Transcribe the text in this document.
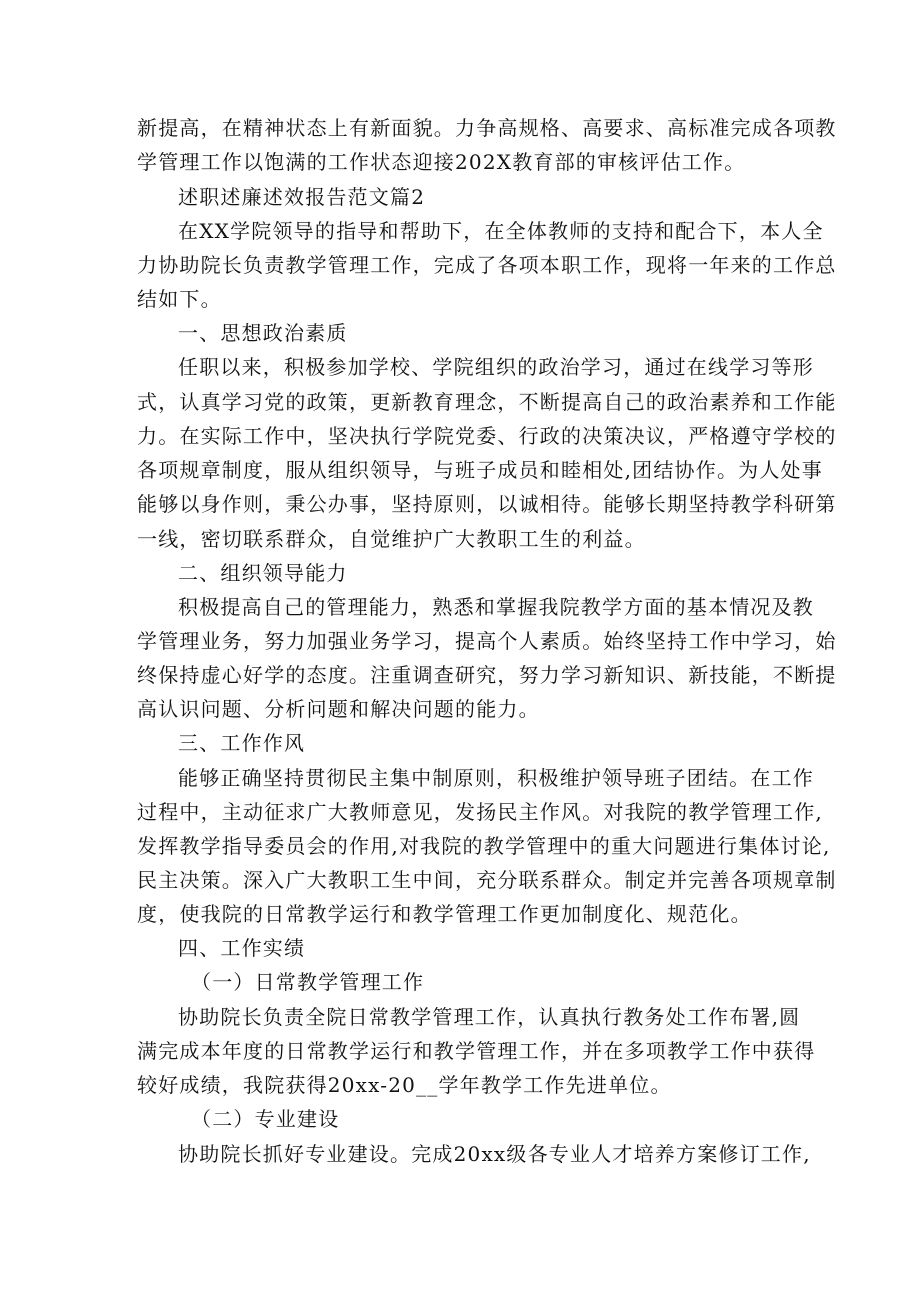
新提高，在精神状态上有新面貌。力争高规格、高要求、高标准完成各项教
学管理工作以饱满的工作状态迎接202X教育部的审核评估工作。
述职述廉述效报告范文篇2
在XX学院领导的指导和帮助下，在全体教师的支持和配合下，本人全
力协助院长负责教学管理工作，完成了各项本职工作，现将一年来的工作总
结如下。
一、思想政治素质
任职以来，积极参加学校、学院组织的政治学习，通过在线学习等形
式，认真学习党的政策，更新教育理念，不断提高自己的政治素养和工作能
力。在实际工作中，坚决执行学院党委、行政的决策决议，严格遵守学校的
各项规章制度，服从组织领导，与班子成员和睦相处,团结协作。为人处事
能够以身作则，秉公办事，坚持原则，以诚相待。能够长期坚持教学科研第
一线，密切联系群众，自觉维护广大教职工生的利益。
二、组织领导能力
积极提高自己的管理能力，熟悉和掌握我院教学方面的基本情况及教
学管理业务，努力加强业务学习，提高个人素质。始终坚持工作中学习，始
终保持虚心好学的态度。注重调查研究，努力学习新知识、新技能，不断提
高认识问题、分析问题和解决问题的能力。
三、工作作风
能够正确坚持贯彻民主集中制原则，积极维护领导班子团结。在工作
过程中，主动征求广大教师意见，发扬民主作风。对我院的教学管理工作,
发挥教学指导委员会的作用,对我院的教学管理中的重大问题进行集体讨论,
民主决策。深入广大教职工生中间，充分联系群众。制定并完善各项规章制
度，使我院的日常教学运行和教学管理工作更加制度化、规范化。
四、工作实绩
（一）日常教学管理工作
协助院长负责全院日常教学管理工作，认真执行教务处工作布署,圆
满完成本年度的日常教学运行和教学管理工作，并在多项教学工作中获得
较好成绩，我院获得20xx-20__学年教学工作先进单位。
（二）专业建设
协助院长抓好专业建设。完成20xx级各专业人才培养方案修订工作,
